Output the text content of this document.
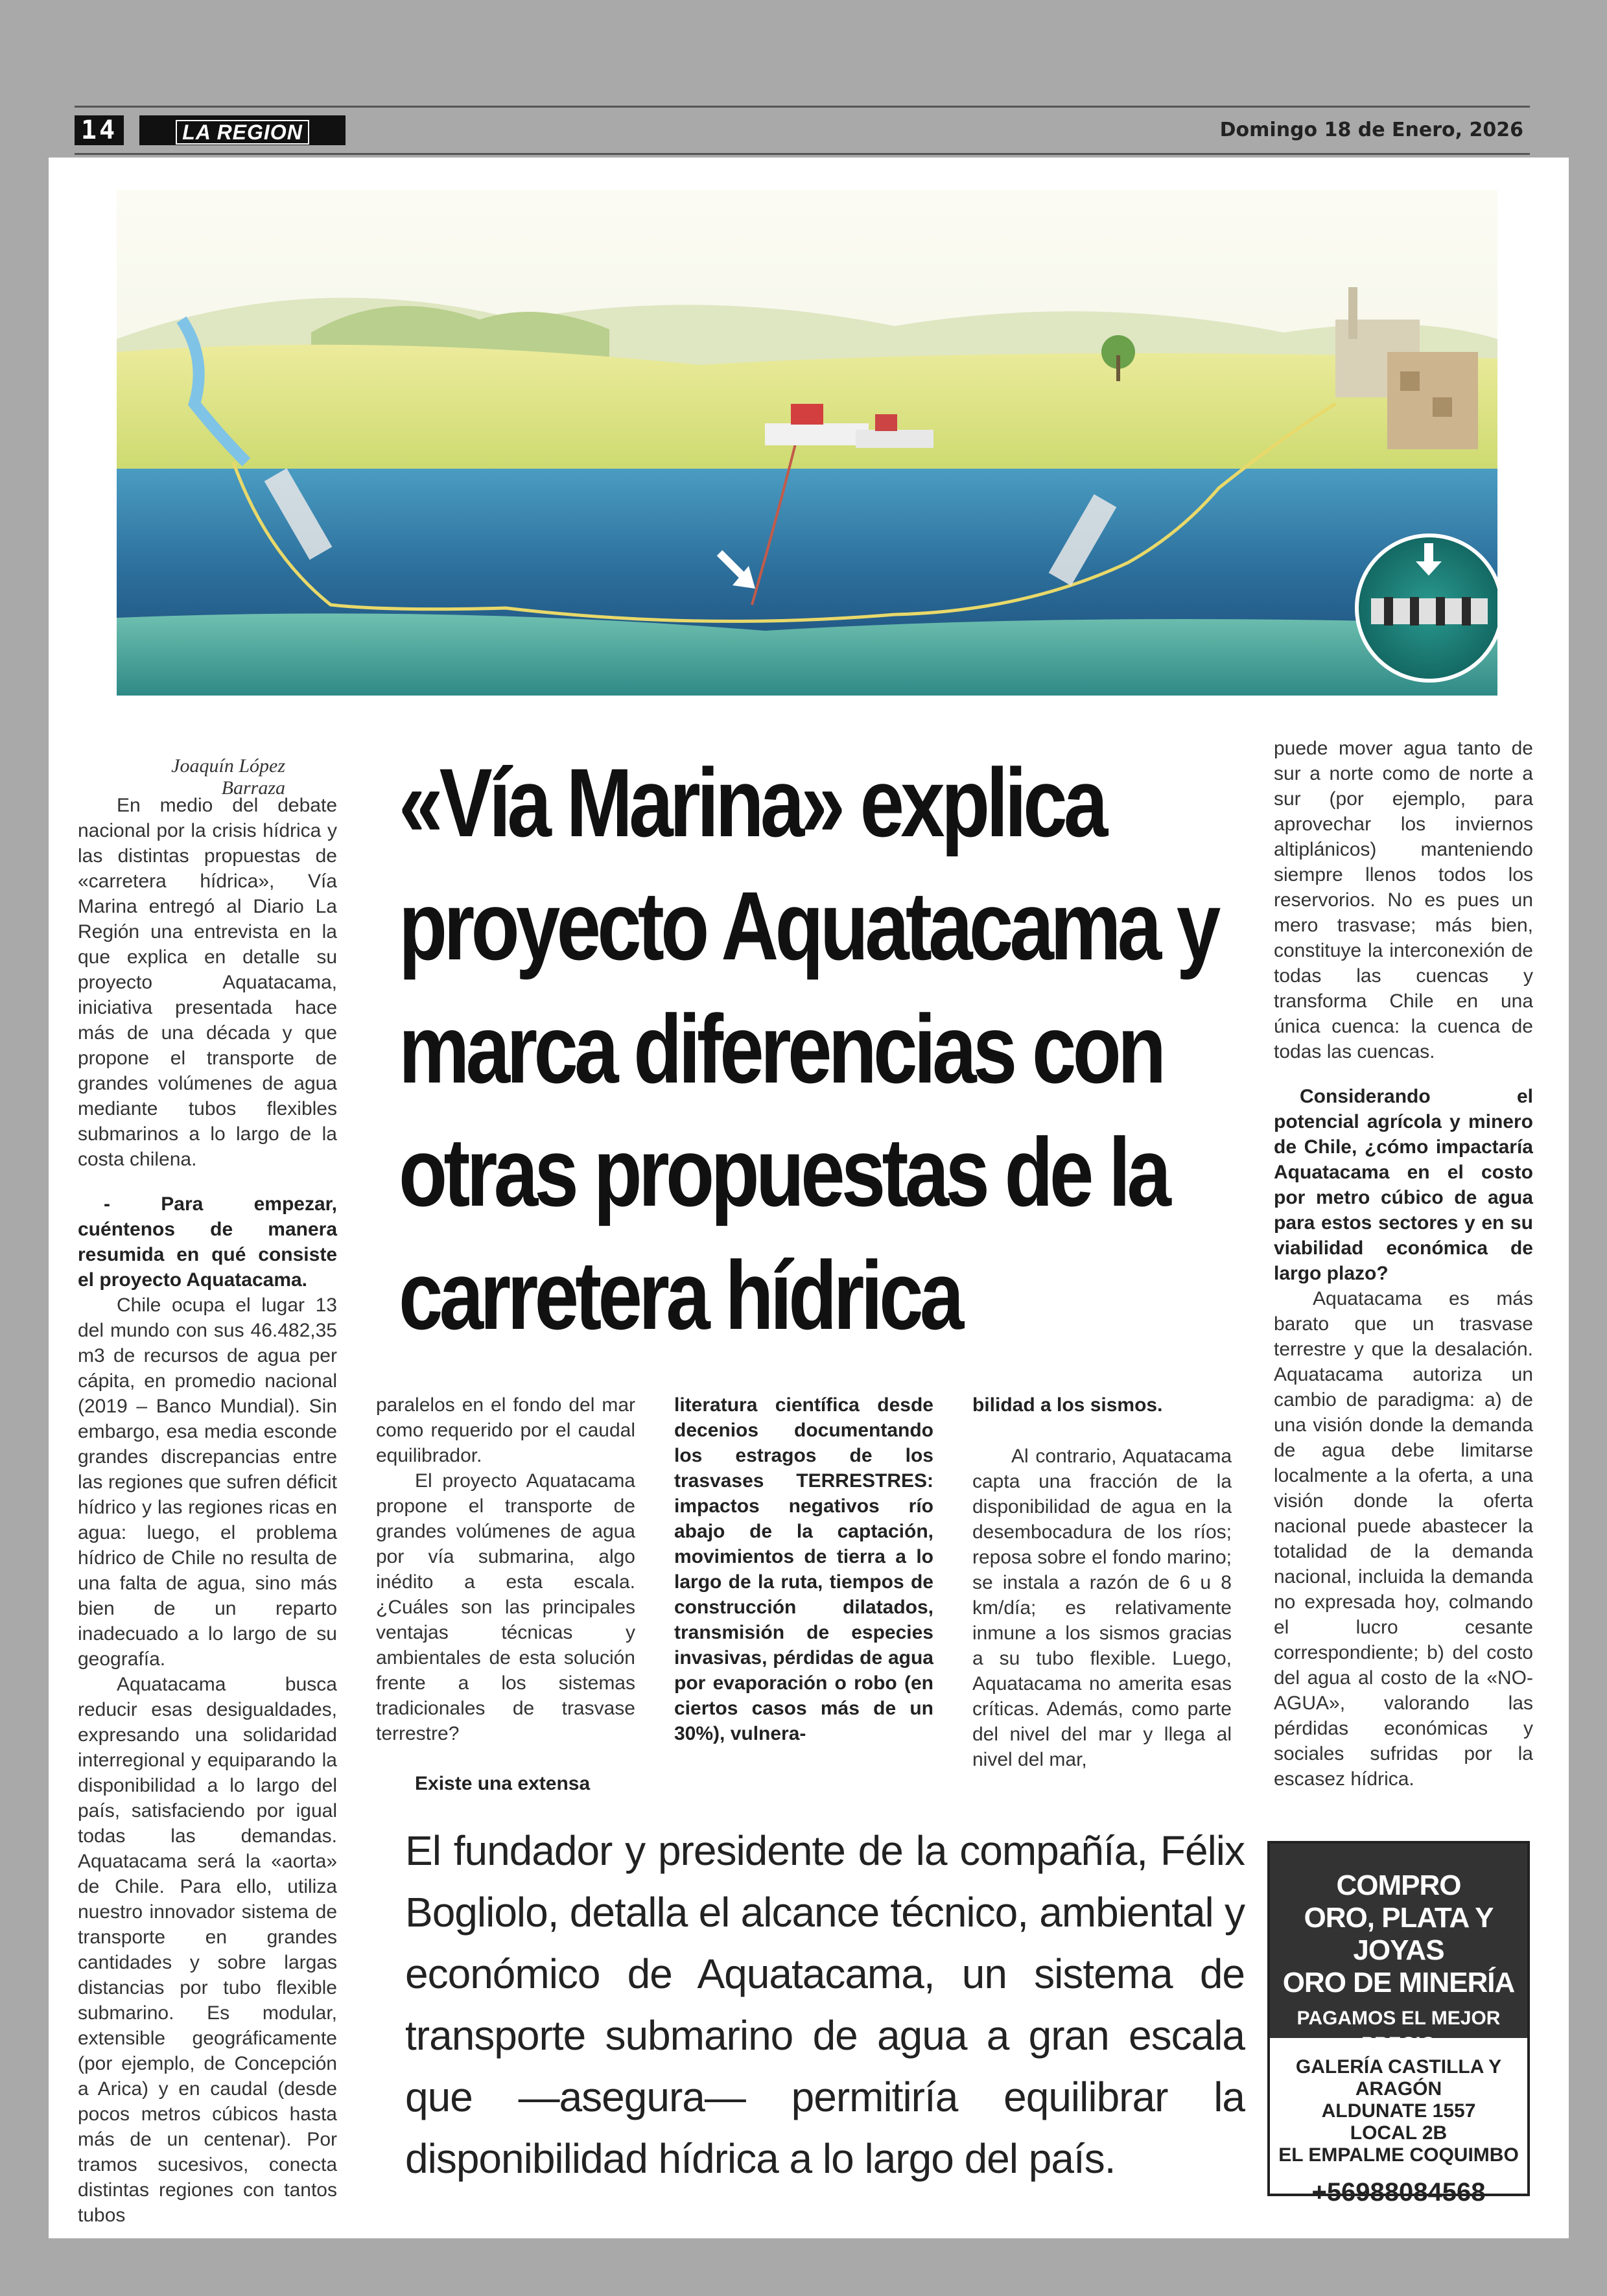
14	LA REGION	Domingo 18 de Enero, 2026
Joaquín López Barraza

En medio del debate nacional por la crisis hídrica y las distintas propuestas de «carretera hídrica», Vía Marina entregó al Diario La Región una entrevista en la que explica en detalle su proyecto Aquatacama, iniciativa presentada hace más de una década y que propone el transporte de grandes volúmenes de agua mediante tubos flexibles submarinos a lo largo de la costa chilena.

- Para empezar, cuéntenos de manera resumida en qué consiste el proyecto Aquatacama.

Chile ocupa el lugar 13 del mundo con sus 46.482,35 m3 de recursos de agua per cápita, en promedio nacional (2019 – Banco Mundial). Sin embargo, esa media esconde grandes discrepancias entre las regiones que sufren déficit hídrico y las regiones ricas en agua: luego, el problema hídrico de Chile no resulta de una falta de agua, sino más bien de un reparto inadecuado a lo largo de su geografía.

Aquatacama busca reducir esas desigualdades, expresando una solidaridad interregional y equiparando la disponibilidad a lo largo del país, satisfaciendo por igual todas las demandas. Aquatacama será la «aorta» de Chile. Para ello, utiliza nuestro innovador sistema de transporte en grandes cantidades y sobre largas distancias por tubo flexible submarino. Es modular, extensible geográficamente (por ejemplo, de Concepción a Arica) y en caudal (desde pocos metros cúbicos hasta más de un centenar). Por tramos sucesivos, conecta distintas regiones con tantos tubos

«Vía Marina» explica proyecto Aquatacama y marca diferencias con otras propuestas de la carretera hídrica

paralelos en el fondo del mar como requerido por el caudal equilibrador.

El proyecto Aquatacama propone el transporte de grandes volúmenes de agua por vía submarina, algo inédito a esta escala. ¿Cuáles son las principales ventajas técnicas y ambientales de esta solución frente a los sistemas tradicionales de trasvase terrestre?

Existe una extensa

literatura científica desde decenios documentando los estragos de los trasvases TERRESTRES: impactos negativos río abajo de la captación, movimientos de tierra a lo largo de la ruta, tiempos de construcción dilatados, transmisión de especies invasivas, pérdidas de agua por evaporación o robo (en ciertos casos más de un 30%), vulnera-

bilidad a los sismos.

Al contrario, Aquatacama capta una fracción de la disponibilidad de agua en la desembocadura de los ríos; reposa sobre el fondo marino; se instala a razón de 6 u 8 km/día; es relativamente inmune a los sismos gracias a su tubo flexible. Luego, Aquatacama no amerita esas críticas. Además, como parte del nivel del mar y llega al nivel del mar,

puede mover agua tanto de sur a norte como de norte a sur (por ejemplo, para aprovechar los inviernos altiplánicos) manteniendo siempre llenos todos los reservorios. No es pues un mero trasvase; más bien, constituye la interconexión de todas las cuencas y transforma Chile en una única cuenca: la cuenca de todas las cuencas.

Considerando el potencial agrícola y minero de Chile, ¿cómo impactaría Aquatacama en el costo por metro cúbico de agua para estos sectores y en su viabilidad económica de largo plazo?

Aquatacama es más barato que un trasvase terrestre y que la desalación. Aquatacama autoriza un cambio de paradigma: a) de una visión donde la demanda de agua debe limitarse localmente a la oferta, a una visión donde la oferta nacional puede abastecer la totalidad de la demanda nacional, incluida la demanda no expresada hoy, colmando el lucro cesante correspondiente; b) del costo del agua al costo de la «NO-AGUA», valorando las pérdidas económicas y sociales sufridas por la escasez hídrica.

El fundador y presidente de la compañía, Félix Bogliolo, detalla el alcance técnico, ambiental y económico de Aquatacama, un sistema de transporte submarino de agua a gran escala que —asegura— permitiría equilibrar la disponibilidad hídrica a lo largo del país.

COMPRO
ORO, PLATA Y JOYAS
ORO DE MINERÍA
PAGAMOS EL MEJOR PRECIO
GALERÍA CASTILLA Y ARAGÓN
ALDUNATE 1557
LOCAL 2B
EL EMPALME COQUIMBO
+56988084568
